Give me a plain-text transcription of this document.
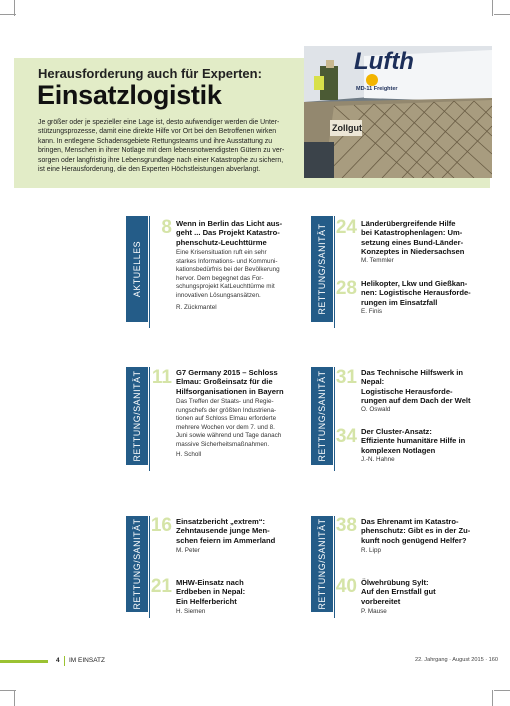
Herausforderung auch für Experten:
Einsatzlogistik
Je größer oder je spezieller eine Lage ist, desto aufwendiger werden die Unter-
stützungsprozesse, damit eine direkte Hilfe vor Ort bei den Betroffenen wirken
kann. In entlegene Schadensgebiete Rettungsteams und ihre Ausstattung zu
bringen, Menschen in ihrer Notlage mit dem lebensnotwendigsten Gütern zu ver-
sorgen oder langfristig ihre Lebensgrundlage nach einer Katastrophe zu sichern,
ist eine Herausforderung, die den Experten Höchstleistungen abverlangt.
Lufth
MD-11 Freighter
Zollgut
AKTUELLES
8 Wenn in Berlin das Licht aus-
geht ... Das Projekt Katastro-
phenschutz-Leuchttürme
Eine Krisensituation ruft ein sehr
starkes Informations- und Kommuni-
kationsbedürfnis bei der Bevölkerung
hervor. Dem begegnet das For-
schungsprojekt KatLeuchttürme mit
innovativen Lösungsansätzen.
R. Zückmantel	RETTUNG/SANITÄT 24 Länderübergreifende Hilfe
bei Katastrophenlagen: Um-
setzung eines Bund-Länder-
Konzeptes in Niedersachsen
M. Temmler
28 Helikopter, Lkw und Gießkan-
nen: Logistische Herausforde-
rungen im Einsatzfall
E. Finis
RETTUNG/SANITÄT 11 G7 Germany 2015 – Schloss
Elmau: Großeinsatz für die
Hilfsorganisationen in Bayern
Das Treffen der Staats- und Regie-
rungschefs der größten Industriena-
tionen auf Schloss Elmau erforderte
mehrere Wochen vor dem 7. und 8.
Juni sowie während und Tage danach
massive Sicherheitsmaßnahmen.
H. Scholl	RETTUNG/SANITÄT 31 Das Technische Hilfswerk in
Nepal:
Logistische Herausforde-
rungen auf dem Dach der Welt
O. Oswald
34 Der Cluster-Ansatz:
Effiziente humanitäre Hilfe in
komplexen Notlagen
J.-N. Hahne
RETTUNG/SANITÄT 16 Einsatzbericht „extrem“:
Zehntausende junge Men-
schen feiern im Ammerland
M. Peter
21 MHW-Einsatz nach
Erdbeben in Nepal:
Ein Helferbericht
H. Siemen
RETTUNG/SANITÄT 38 Das Ehrenamt im Katastro-
phenschutz: Gibt es in der Zu-
kunft noch genügend Helfer?
R. Lipp
40 Ölwehrübung Sylt:
Auf den Ernstfall gut
vorbereitet
P. Mause
4 IM EINSATZ	22. Jahrgang · August 2015 · 160
